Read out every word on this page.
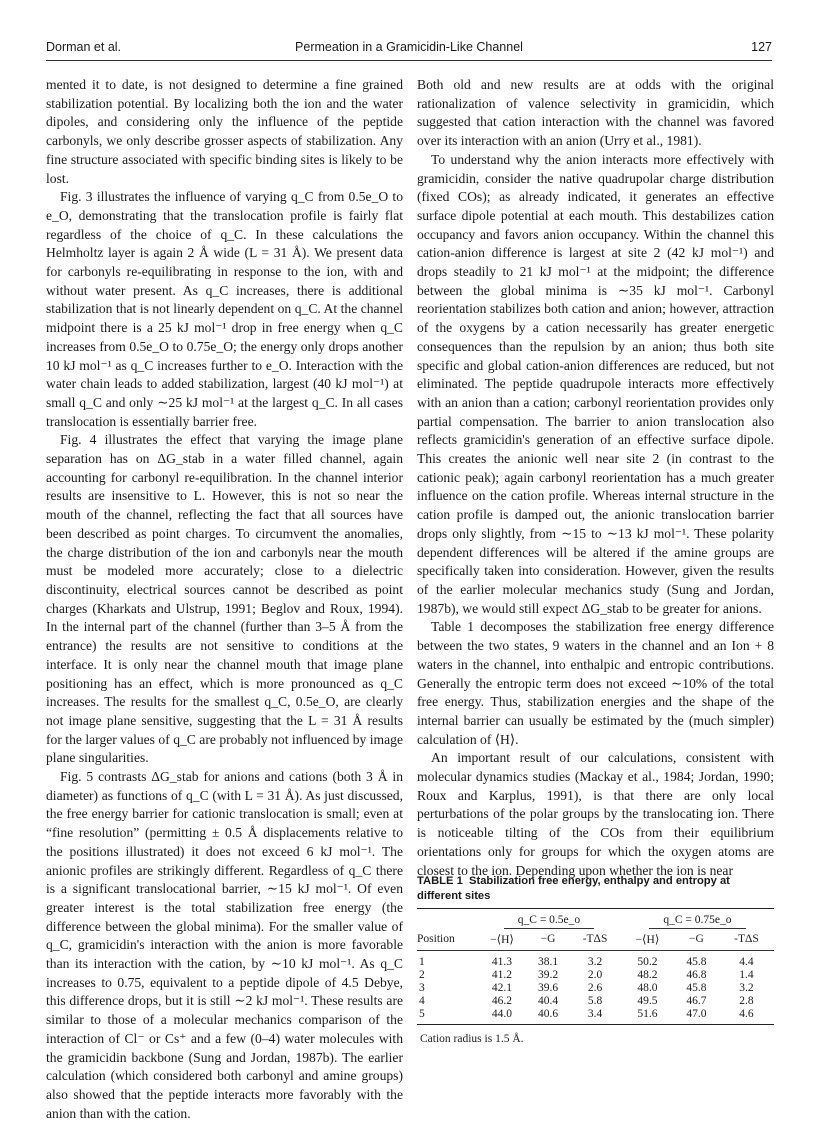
Dorman et al.	Permeation in a Gramicidin-Like Channel	127

mented it to date, is not designed to determine a fine grained stabilization potential. By localizing both the ion and the water dipoles, and considering only the influence of the peptide carbonyls, we only describe grosser aspects of stabilization. Any fine structure associated with specific binding sites is likely to be lost.

Fig. 3 illustrates the influence of varying q_C from 0.5e_O to e_O, demonstrating that the translocation profile is fairly flat regardless of the choice of q_C. In these calculations the Helmholtz layer is again 2 Å wide (L = 31 Å). We present data for carbonyls re-equilibrating in response to the ion, with and without water present. As q_C increases, there is additional stabilization that is not linearly dependent on q_C. At the channel midpoint there is a 25 kJ mol⁻¹ drop in free energy when q_C increases from 0.5e_O to 0.75e_O; the energy only drops another 10 kJ mol⁻¹ as q_C increases further to e_O. Interaction with the water chain leads to added stabilization, largest (40 kJ mol⁻¹) at small q_C and only ∼25 kJ mol⁻¹ at the largest q_C. In all cases translocation is essentially barrier free.

Fig. 4 illustrates the effect that varying the image plane separation has on ΔG_stab in a water filled channel, again accounting for carbonyl re-equilibration. In the channel interior results are insensitive to L. However, this is not so near the mouth of the channel, reflecting the fact that all sources have been described as point charges. To circumvent the anomalies, the charge distribution of the ion and carbonyls near the mouth must be modeled more accurately; close to a dielectric discontinuity, electrical sources cannot be described as point charges (Kharkats and Ulstrup, 1991; Beglov and Roux, 1994). In the internal part of the channel (further than 3–5 Å from the entrance) the results are not sensitive to conditions at the interface. It is only near the channel mouth that image plane positioning has an effect, which is more pronounced as q_C increases. The results for the smallest q_C, 0.5e_O, are clearly not image plane sensitive, suggesting that the L = 31 Å results for the larger values of q_C are probably not influenced by image plane singularities.

Fig. 5 contrasts ΔG_stab for anions and cations (both 3 Å in diameter) as functions of q_C (with L = 31 Å). As just discussed, the free energy barrier for cationic translocation is small; even at “fine resolution” (permitting ± 0.5 Å displacements relative to the positions illustrated) it does not exceed 6 kJ mol⁻¹. The anionic profiles are strikingly different. Regardless of q_C there is a significant translocational barrier, ∼15 kJ mol⁻¹. Of even greater interest is the total stabilization free energy (the difference between the global minima). For the smaller value of q_C, gramicidin's interaction with the anion is more favorable than its interaction with the cation, by ∼10 kJ mol⁻¹. As q_C increases to 0.75, equivalent to a peptide dipole of 4.5 Debye, this difference drops, but it is still ∼2 kJ mol⁻¹. These results are similar to those of a molecular mechanics comparison of the interaction of Cl⁻ or Cs⁺ and a few (0–4) water molecules with the gramicidin backbone (Sung and Jordan, 1987b). The earlier calculation (which considered both carbonyl and amine groups) also showed that the peptide interacts more favorably with the anion than with the cation.

Both old and new results are at odds with the original rationalization of valence selectivity in gramicidin, which suggested that cation interaction with the channel was favored over its interaction with an anion (Urry et al., 1981).

To understand why the anion interacts more effectively with gramicidin, consider the native quadrupolar charge distribution (fixed COs); as already indicated, it generates an effective surface dipole potential at each mouth. This destabilizes cation occupancy and favors anion occupancy. Within the channel this cation-anion difference is largest at site 2 (42 kJ mol⁻¹) and drops steadily to 21 kJ mol⁻¹ at the midpoint; the difference between the global minima is ∼35 kJ mol⁻¹. Carbonyl reorientation stabilizes both cation and anion; however, attraction of the oxygens by a cation necessarily has greater energetic consequences than the repulsion by an anion; thus both site specific and global cation-anion differences are reduced, but not eliminated. The peptide quadrupole interacts more effectively with an anion than a cation; carbonyl reorientation provides only partial compensation. The barrier to anion translocation also reflects gramicidin's generation of an effective surface dipole. This creates the anionic well near site 2 (in contrast to the cationic peak); again carbonyl reorientation has a much greater influence on the cation profile. Whereas internal structure in the cation profile is damped out, the anionic translocation barrier drops only slightly, from ∼15 to ∼13 kJ mol⁻¹. These polarity dependent differences will be altered if the amine groups are specifically taken into consideration. However, given the results of the earlier molecular mechanics study (Sung and Jordan, 1987b), we would still expect ΔG_stab to be greater for anions.

Table 1 decomposes the stabilization free energy difference between the two states, 9 waters in the channel and an Ion + 8 waters in the channel, into enthalpic and entropic contributions. Generally the entropic term does not exceed ∼10% of the total free energy. Thus, stabilization energies and the shape of the internal barrier can usually be estimated by the (much simpler) calculation of ⟨H⟩.

An important result of our calculations, consistent with molecular dynamics studies (Mackay et al., 1984; Jordan, 1990; Roux and Karplus, 1991), is that there are only local perturbations of the polar groups by the translocating ion. There is noticeable tilting of the COs from their equilibrium orientations only for groups for which the oxygen atoms are closest to the ion. Depending upon whether the ion is near

TABLE 1 Stabilization free energy, enthalpy and entropy at different sites
	q_C = 0.5e_o			q_C = 0.75e_o		
Position	−⟨H⟩	−G	-TΔS	−⟨H⟩	−G	-TΔS
1	41.3	38.1	3.2	50.2	45.8	4.4
2	41.2	39.2	2.0	48.2	46.8	1.4
3	42.1	39.6	2.6	48.0	45.8	3.2
4	46.2	40.4	5.8	49.5	46.7	2.8
5	44.0	40.6	3.4	51.6	47.0	4.6
Cation radius is 1.5 Å.
